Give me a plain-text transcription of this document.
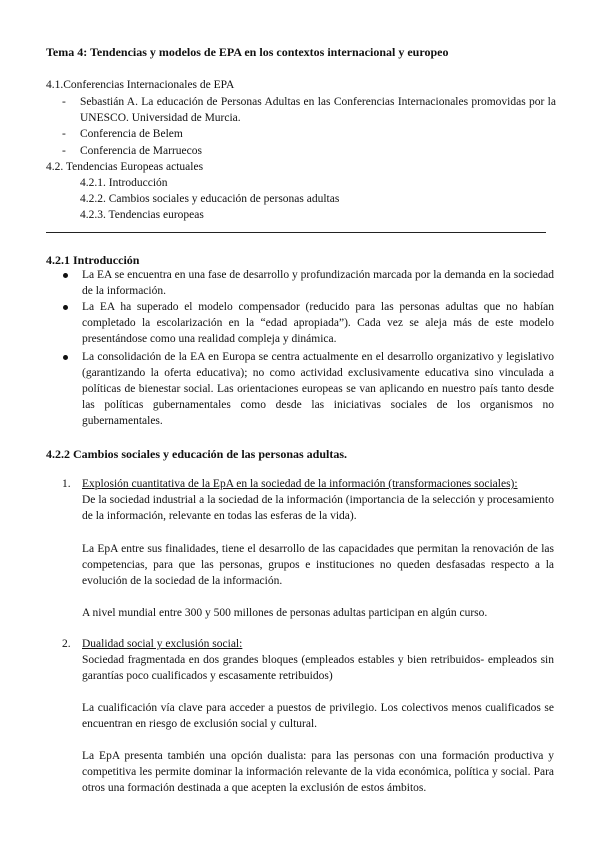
Tema 4: Tendencias y modelos de EPA en los contextos internacional y europeo
4.1.Conferencias Internacionales de EPA
- Sebastián A. La educación de Personas Adultas en las Conferencias Internacionales promovidas por la UNESCO. Universidad de Murcia.
- Conferencia de Belem
- Conferencia de Marruecos
4.2. Tendencias Europeas actuales
4.2.1. Introducción
4.2.2. Cambios sociales y educación de personas adultas
4.2.3. Tendencias europeas
4.2.1 Introducción
La EA se encuentra en una fase de desarrollo y profundización marcada por la demanda en la sociedad de la información.
La EA ha superado el modelo compensador (reducido para las personas adultas que no habían completado la escolarización en la “edad apropiada”). Cada vez se aleja más de este modelo presentándose como una realidad compleja y dinámica.
La consolidación de la EA en Europa se centra actualmente en el desarrollo organizativo y legislativo (garantizando la oferta educativa); no como actividad exclusivamente educativa sino vinculada a políticas de bienestar social. Las orientaciones europeas se van aplicando en nuestro país tanto desde las políticas gubernamentales como desde las iniciativas sociales de los organismos no gubernamentales.
4.2.2 Cambios sociales y educación de las personas adultas.
1. Explosión cuantitativa de la EpA en la sociedad de la información (transformaciones sociales):
De la sociedad industrial a la sociedad de la información (importancia de la selección y procesamiento de la información, relevante en todas las esferas de la vida).
La EpA entre sus finalidades, tiene el desarrollo de las capacidades que permitan la renovación de las competencias, para que las personas, grupos e instituciones no queden desfasadas respecto a la evolución de la sociedad de la información.
A nivel mundial entre 300 y 500 millones de personas adultas participan en algún curso.
2. Dualidad social y exclusión social:
Sociedad fragmentada en dos grandes bloques (empleados estables y bien retribuidos- empleados sin garantías poco cualificados y escasamente retribuidos)
La cualificación vía clave para acceder a puestos de privilegio. Los colectivos menos cualificados se encuentran en riesgo de exclusión social y cultural.
La EpA presenta también una opción dualista: para las personas con una formación productiva y competitiva les permite dominar la información relevante de la vida económica, política y social. Para otros una formación destinada a que acepten la exclusión de estos ámbitos.
